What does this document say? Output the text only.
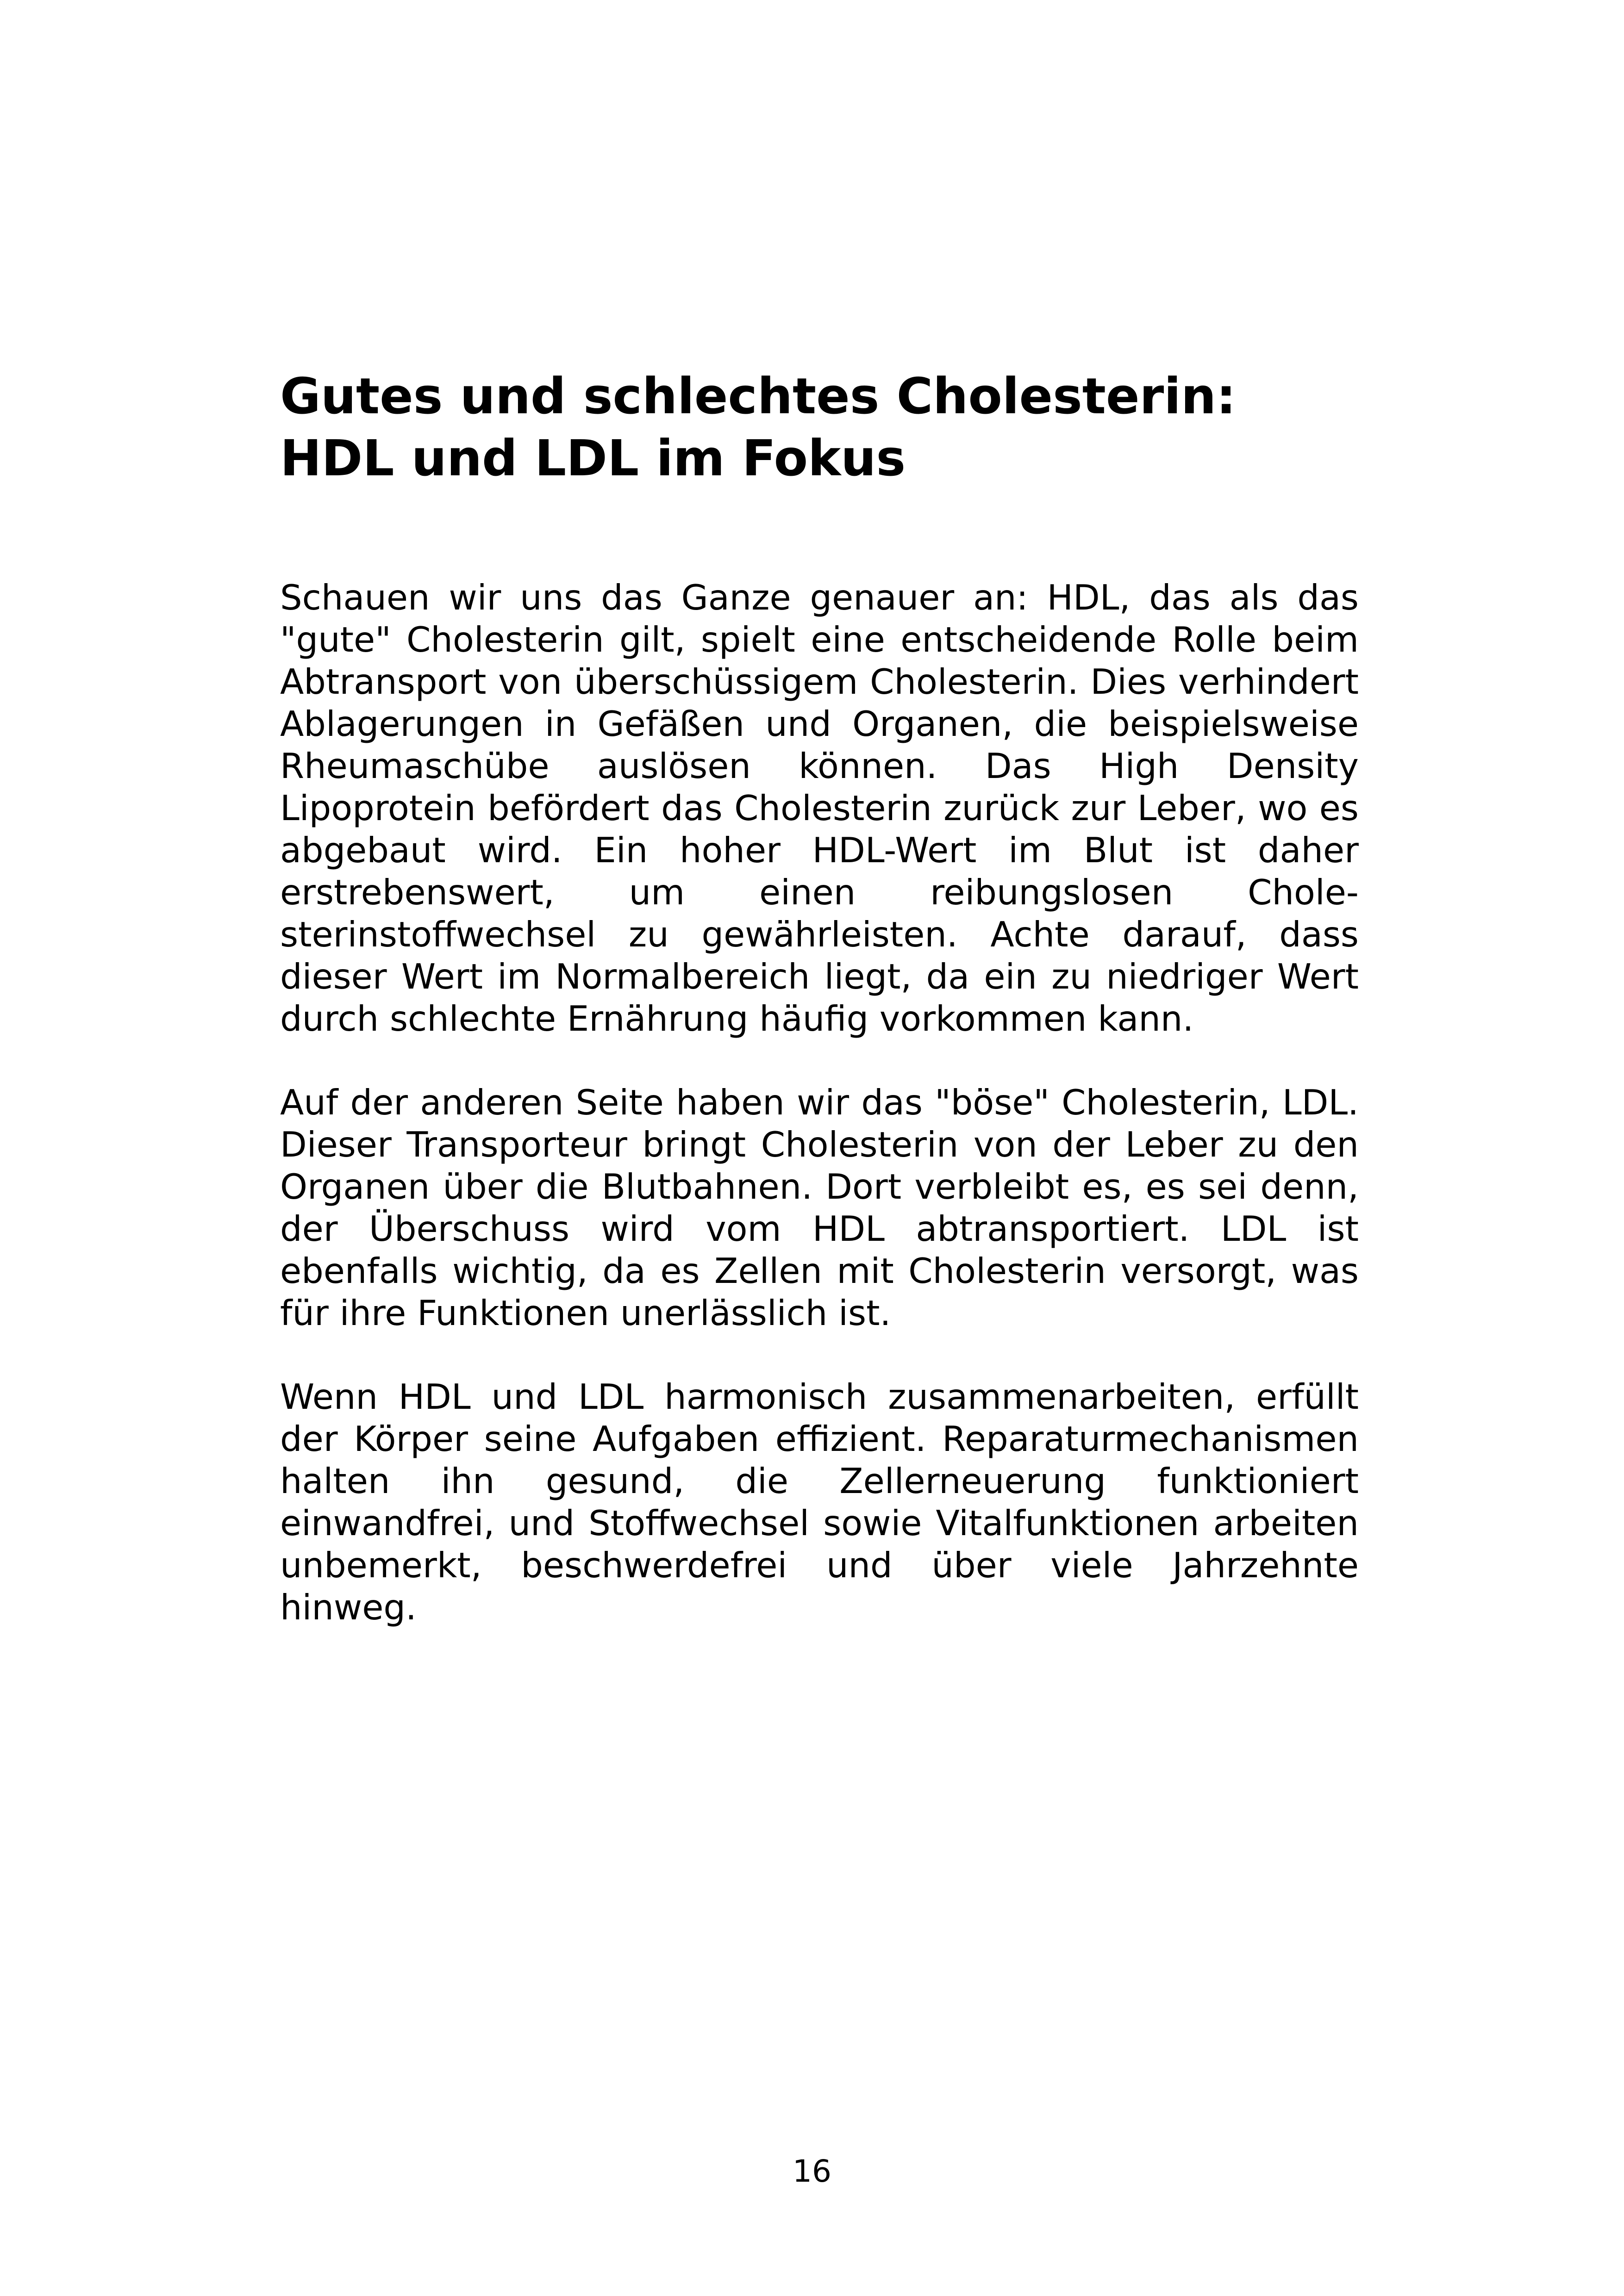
Gutes und schlechtes Cholesterin:
HDL und LDL im Fokus

Schauen wir uns das Ganze genauer an: HDL, das als das "gute" Cholesterin gilt, spielt eine entscheidende Rolle beim Abtransport von überschüssigem Cholesterin. Dies verhindert Ablagerungen in Gefäßen und Organen, die beispielsweise Rheumaschübe auslösen können. Das High Density Lipoprotein befördert das Cholesterin zurück zur Leber, wo es abgebaut wird. Ein hoher HDL-Wert im Blut ist daher erstrebenswert, um einen reibungslosen Cholesterinstoffwechsel zu gewährleisten. Achte darauf, dass dieser Wert im Normalbereich liegt, da ein zu niedriger Wert durch schlechte Ernährung häufig vorkommen kann.

Auf der anderen Seite haben wir das "böse" Cholesterin, LDL. Dieser Transporteur bringt Cholesterin von der Leber zu den Organen über die Blutbahnen. Dort verbleibt es, es sei denn, der Überschuss wird vom HDL abtransportiert. LDL ist ebenfalls wichtig, da es Zellen mit Cholesterin versorgt, was für ihre Funktionen unerlässlich ist.

Wenn HDL und LDL harmonisch zusammenarbeiten, erfüllt der Körper seine Aufgaben effizient. Reparaturmechanismen halten ihn gesund, die Zellerneuerung funktioniert einwandfrei, und Stoffwechsel sowie Vitalfunktionen arbeiten unbemerkt, beschwerdefrei und über viele Jahrzehnte hinweg.

16
